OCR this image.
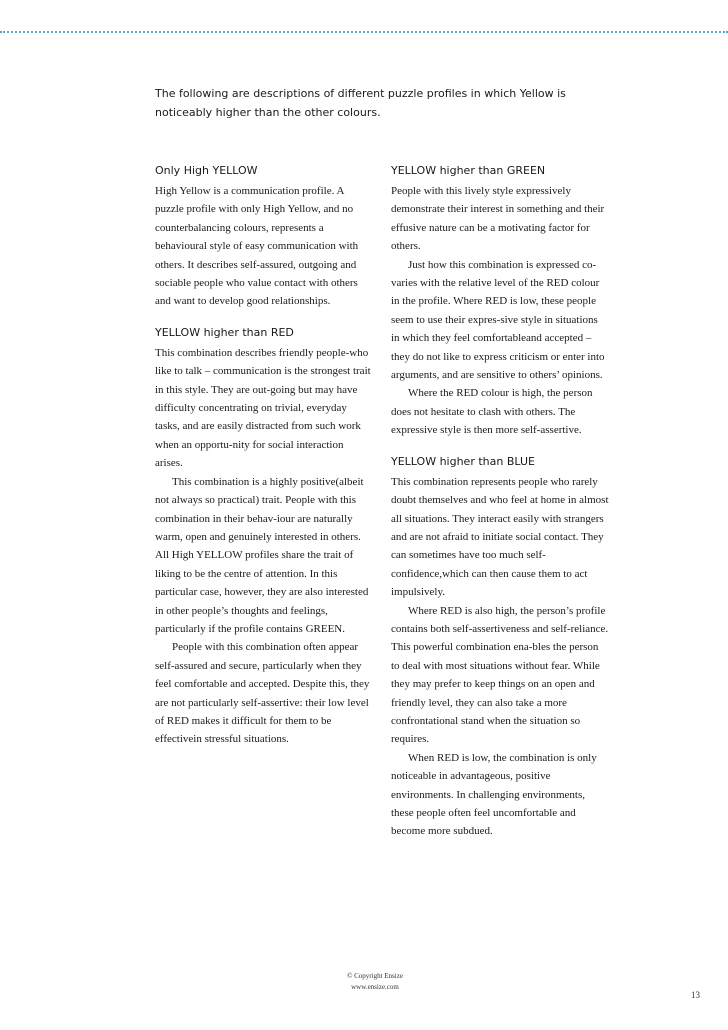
The following are descriptions of different puzzle profiles in which Yellow is noticeably higher than the other colours.

Only High YELLOW

High Yellow is a communication profile. A puzzle profile with only High Yellow, and no counterbalancing colours, represents a behavioural style of easy communication with others. It describes self-assured, outgoing and sociable people who value contact with others and want to develop good relationships.

YELLOW higher than RED

This combination describes friendly people-who like to talk – communication is the strongest trait in this style. They are out-going but may have difficulty concentrating on trivial, everyday tasks, and are easily distracted from such work when an opportu-nity for social interaction arises.

This combination is a highly positive(albeit not always so practical) trait. People with this combination in their behav-iour are naturally warm, open and genuinely interested in others. All High YELLOW profiles share the trait of liking to be the centre of attention. In this particular case, however, they are also interested in other people’s thoughts and feelings, particularly if the profile contains GREEN.

People with this combination often appear self-assured and secure, particularly when they feel comfortable and accepted. Despite this, they are not particularly self-assertive: their low level of RED makes it difficult for them to be effectivein stressful situations.

YELLOW higher than GREEN

People with this lively style expressively demonstrate their interest in something and their effusive nature can be a motivating factor for others.

Just how this combination is expressed co-varies with the relative level of the RED colour in the profile. Where RED is low, these people seem to use their expres-sive style in situations in which they feel comfortableand accepted – they do not like to express criticism or enter into arguments, and are sensitive to others’ opinions.

Where the RED colour is high, the person does not hesitate to clash with others. The expressive style is then more self-assertive.

YELLOW higher than BLUE

This combination represents people who rarely doubt themselves and who feel at home in almost all situations. They interact easily with strangers and are not afraid to initiate social contact. They can sometimes have too much self-confidence,which can then cause them to act impulsively.

Where RED is also high, the person’s profile contains both self-assertiveness and self-reliance. This powerful combination ena-bles the person to deal with most situations without fear. While they may prefer to keep things on an open and friendly level, they can also take a more confrontational stand when the situation so requires.

When RED is low, the combination is only noticeable in advantageous, positive environments. In challenging environments, these people often feel uncomfortable and become more subdued.

© Copyright Ensize
www.ensize.com
13
